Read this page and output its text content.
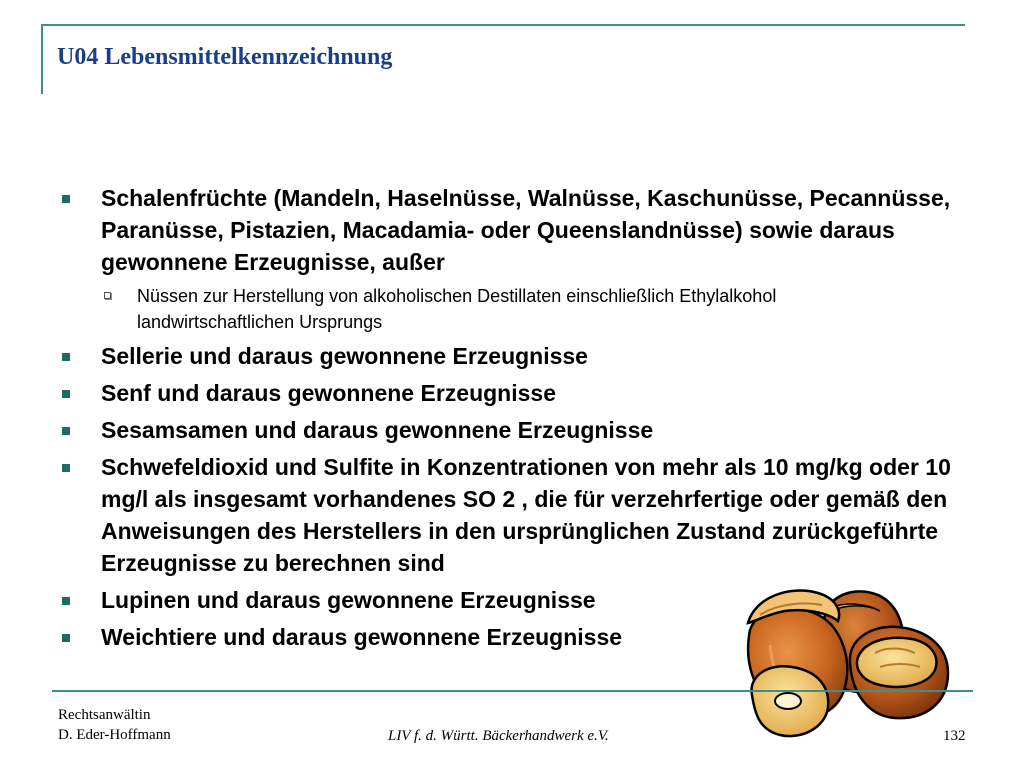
U04 Lebensmittelkennzeichnung
Schalenfrüchte (Mandeln, Haselnüsse, Walnüsse, Kaschunüsse, Pecannüsse, Paranüsse, Pistazien, Macadamia- oder Queenslandnüsse) sowie daraus gewonnene Erzeugnisse, außer
Nüssen zur Herstellung von alkoholischen Destillaten einschließlich Ethylalkohol landwirtschaftlichen Ursprungs
Sellerie und daraus gewonnene Erzeugnisse
Senf und daraus gewonnene Erzeugnisse
Sesamsamen und daraus gewonnene Erzeugnisse
Schwefeldioxid und Sulfite in Konzentrationen von mehr als 10 mg/kg oder 10 mg/l als insgesamt vorhandenes SO 2 , die für verzehrfertige oder gemäß den Anweisungen des Herstellers in den ursprünglichen Zustand zurückgeführte Erzeugnisse zu berechnen sind
Lupinen und daraus gewonnene Erzeugnisse
Weichtiere und daraus gewonnene Erzeugnisse
Rechtsanwältin
D. Eder-Hoffmann	LIV f. d. Württ. Bäckerhandwerk e.V.	132
